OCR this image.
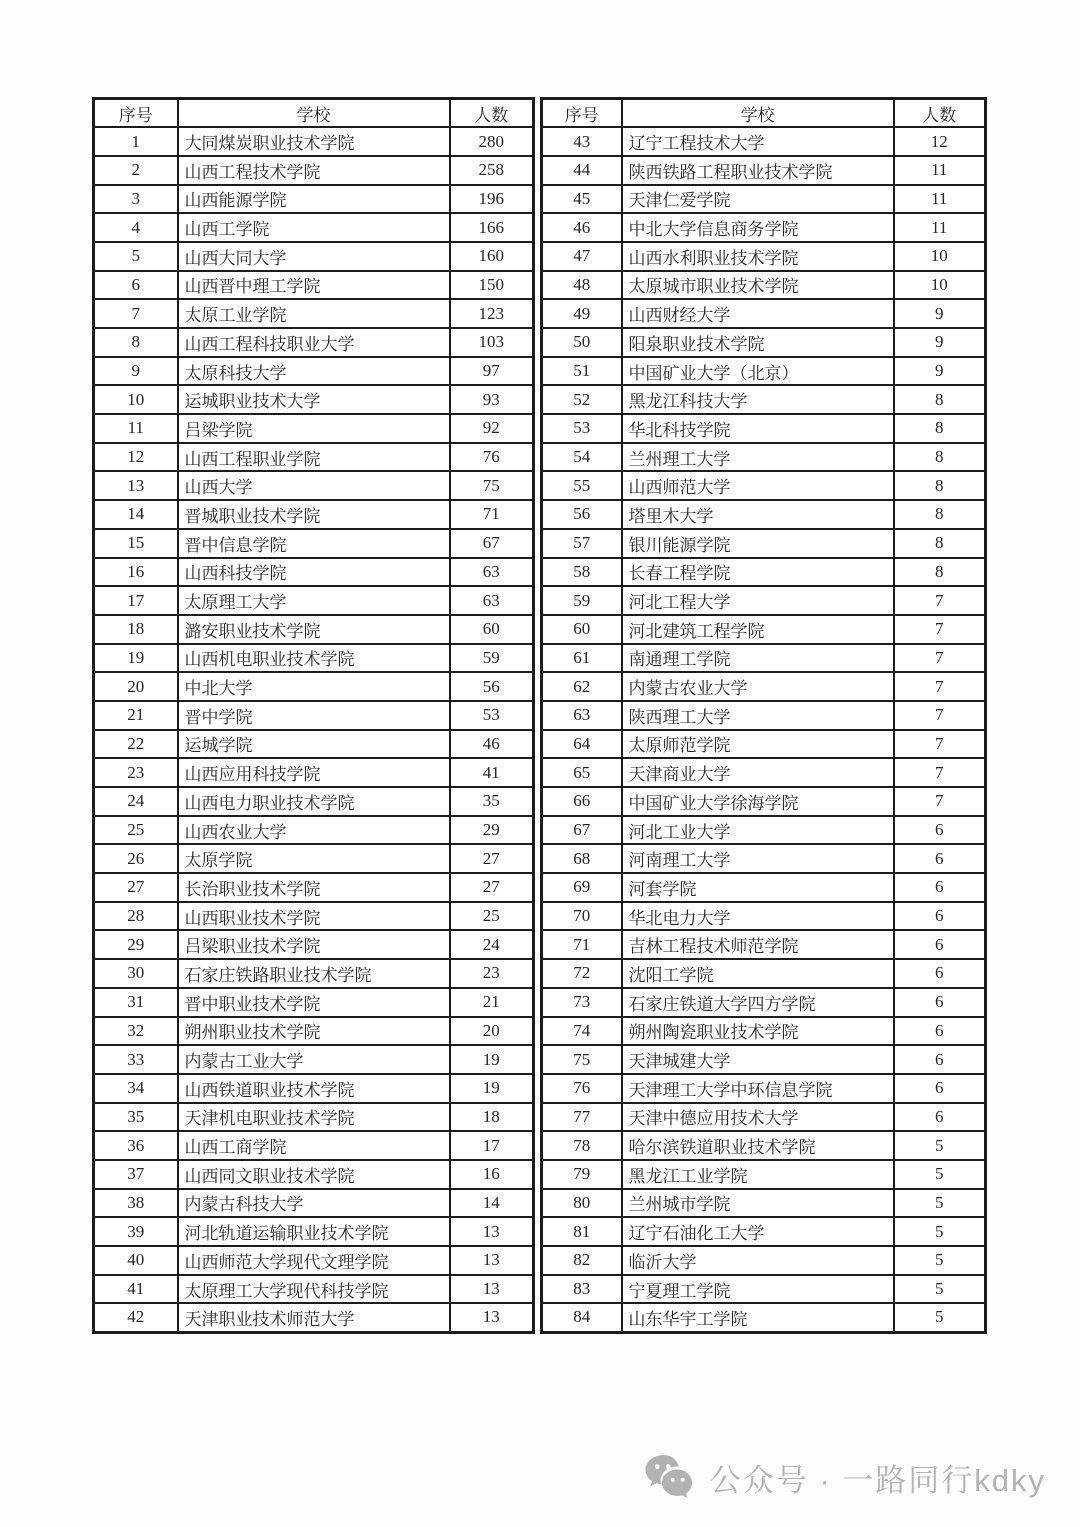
序号	学校	人数
1	大同煤炭职业技术学院	280
2	山西工程技术学院	258
3	山西能源学院	196
4	山西工学院	166
5	山西大同大学	160
6	山西晋中理工学院	150
7	太原工业学院	123
8	山西工程科技职业大学	103
9	太原科技大学	97
10	运城职业技术大学	93
11	吕梁学院	92
12	山西工程职业学院	76
13	山西大学	75
14	晋城职业技术学院	71
15	晋中信息学院	67
16	山西科技学院	63
17	太原理工大学	63
18	潞安职业技术学院	60
19	山西机电职业技术学院	59
20	中北大学	56
21	晋中学院	53
22	运城学院	46
23	山西应用科技学院	41
24	山西电力职业技术学院	35
25	山西农业大学	29
26	太原学院	27
27	长治职业技术学院	27
28	山西职业技术学院	25
29	吕梁职业技术学院	24
30	石家庄铁路职业技术学院	23
31	晋中职业技术学院	21
32	朔州职业技术学院	20
33	内蒙古工业大学	19
34	山西铁道职业技术学院	19
35	天津机电职业技术学院	18
36	山西工商学院	17
37	山西同文职业技术学院	16
38	内蒙古科技大学	14
39	河北轨道运输职业技术学院	13
40	山西师范大学现代文理学院	13
41	太原理工大学现代科技学院	13
42	天津职业技术师范大学	13
序号	学校	人数
43	辽宁工程技术大学	12
44	陕西铁路工程职业技术学院	11
45	天津仁爱学院	11
46	中北大学信息商务学院	11
47	山西水利职业技术学院	10
48	太原城市职业技术学院	10
49	山西财经大学	9
50	阳泉职业技术学院	9
51	中国矿业大学（北京）	9
52	黑龙江科技大学	8
53	华北科技学院	8
54	兰州理工大学	8
55	山西师范大学	8
56	塔里木大学	8
57	银川能源学院	8
58	长春工程学院	8
59	河北工程大学	7
60	河北建筑工程学院	7
61	南通理工学院	7
62	内蒙古农业大学	7
63	陕西理工大学	7
64	太原师范学院	7
65	天津商业大学	7
66	中国矿业大学徐海学院	7
67	河北工业大学	6
68	河南理工大学	6
69	河套学院	6
70	华北电力大学	6
71	吉林工程技术师范学院	6
72	沈阳工学院	6
73	石家庄铁道大学四方学院	6
74	朔州陶瓷职业技术学院	6
75	天津城建大学	6
76	天津理工大学中环信息学院	6
77	天津中德应用技术大学	6
78	哈尔滨铁道职业技术学院	5
79	黑龙江工业学院	5
80	兰州城市学院	5
81	辽宁石油化工大学	5
82	临沂大学	5
83	宁夏理工学院	5
84	山东华宇工学院	5
公众号 · 一路同行kdky
